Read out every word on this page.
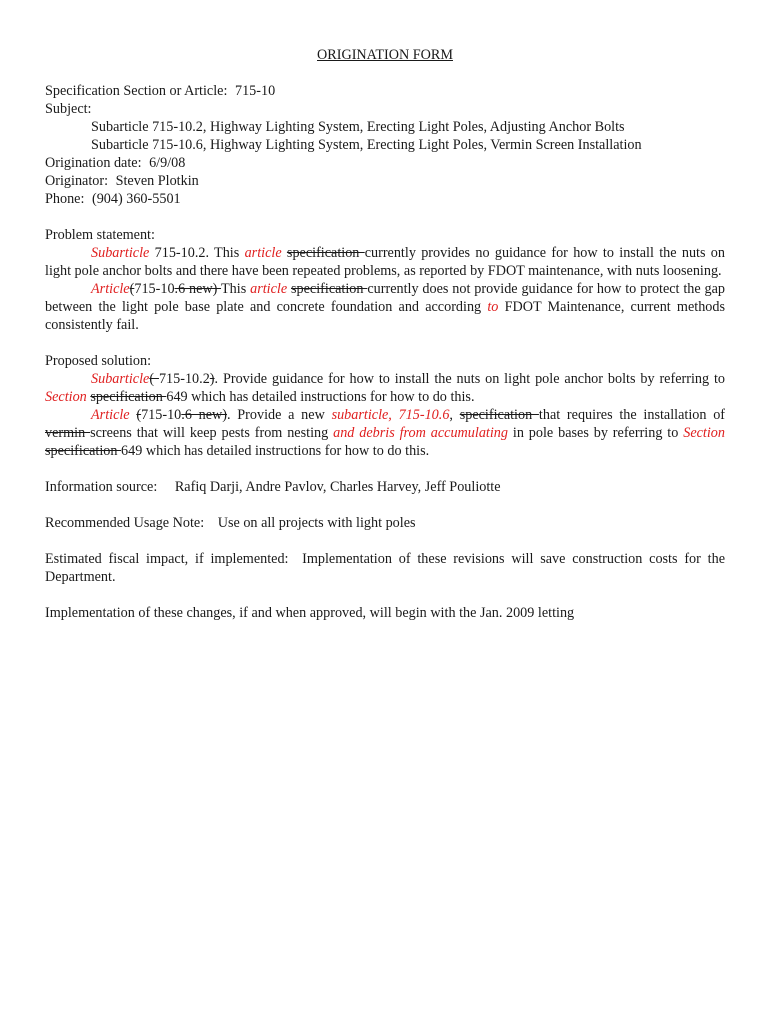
ORIGINATION FORM
Specification Section or Article: 715-10
Subject:
Subarticle 715-10.2, Highway Lighting System, Erecting Light Poles, Adjusting Anchor Bolts
Subarticle 715-10.6, Highway Lighting System, Erecting Light Poles, Vermin Screen Installation
Origination date: 6/9/08
Originator: Steven Plotkin
Phone: (904) 360-5501
Problem statement:
Subarticle 715-10.2. This article specification currently provides no guidance for how to install the nuts on light pole anchor bolts and there have been repeated problems, as reported by FDOT maintenance, with nuts loosening.
Article(715-10.6 new) This article specification currently does not provide guidance for how to protect the gap between the light pole base plate and concrete foundation and according to FDOT Maintenance, current methods consistently fail.
Proposed solution:
Subarticle( 715-10.2). Provide guidance for how to install the nuts on light pole anchor bolts by referring to Section specification 649 which has detailed instructions for how to do this.
Article (715-10.6 new). Provide a new subarticle, 715-10.6, specification that requires the installation of vermin screens that will keep pests from nesting and debris from accumulating in pole bases by referring to Section specification 649 which has detailed instructions for how to do this.
Information source: Rafiq Darji, Andre Pavlov, Charles Harvey, Jeff Pouliotte
Recommended Usage Note: Use on all projects with light poles
Estimated fiscal impact, if implemented: Implementation of these revisions will save construction costs for the Department.
Implementation of these changes, if and when approved, will begin with the Jan. 2009 letting
